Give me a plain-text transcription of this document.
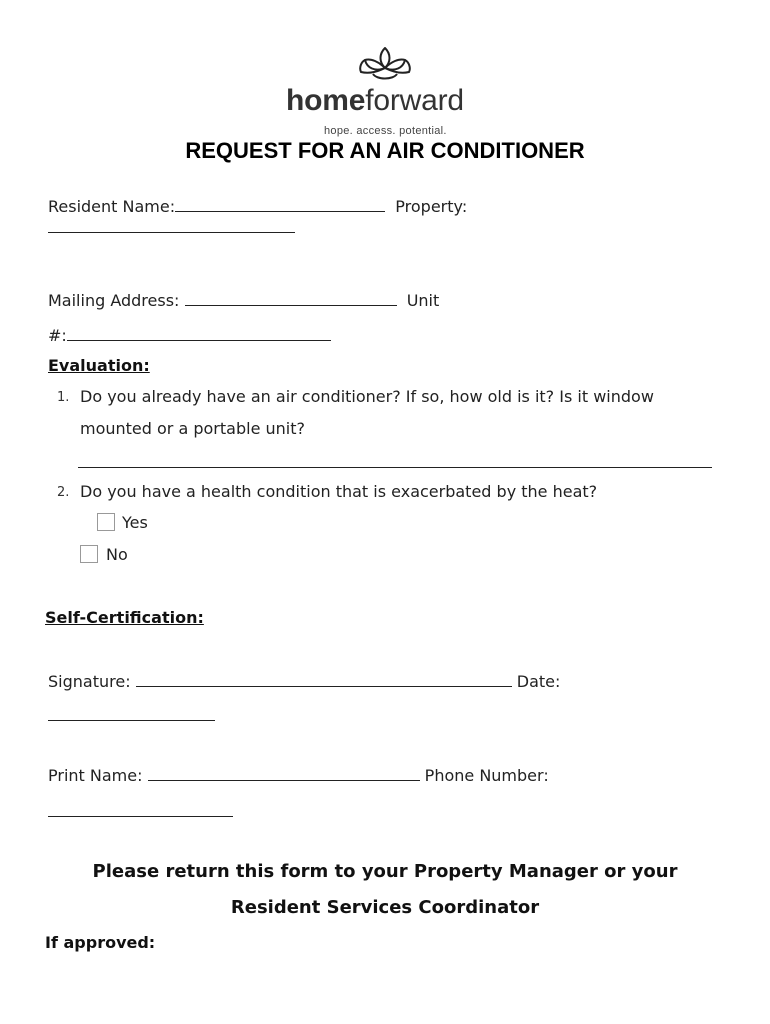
homeforward
hope. access. potential.
REQUEST FOR AN AIR CONDITIONER
Resident Name:	Property:
Mailing Address:	Unit
#:
Evaluation:
1. Do you already have an air conditioner? If so, how old is it? Is it window
mounted or a portable unit?
2. Do you have a health condition that is exacerbated by the heat?
Yes
No
Self-Certification:
Signature:	Date:
Print Name:	Phone Number:
Please return this form to your Property Manager or your
Resident Services Coordinator
If approved:
